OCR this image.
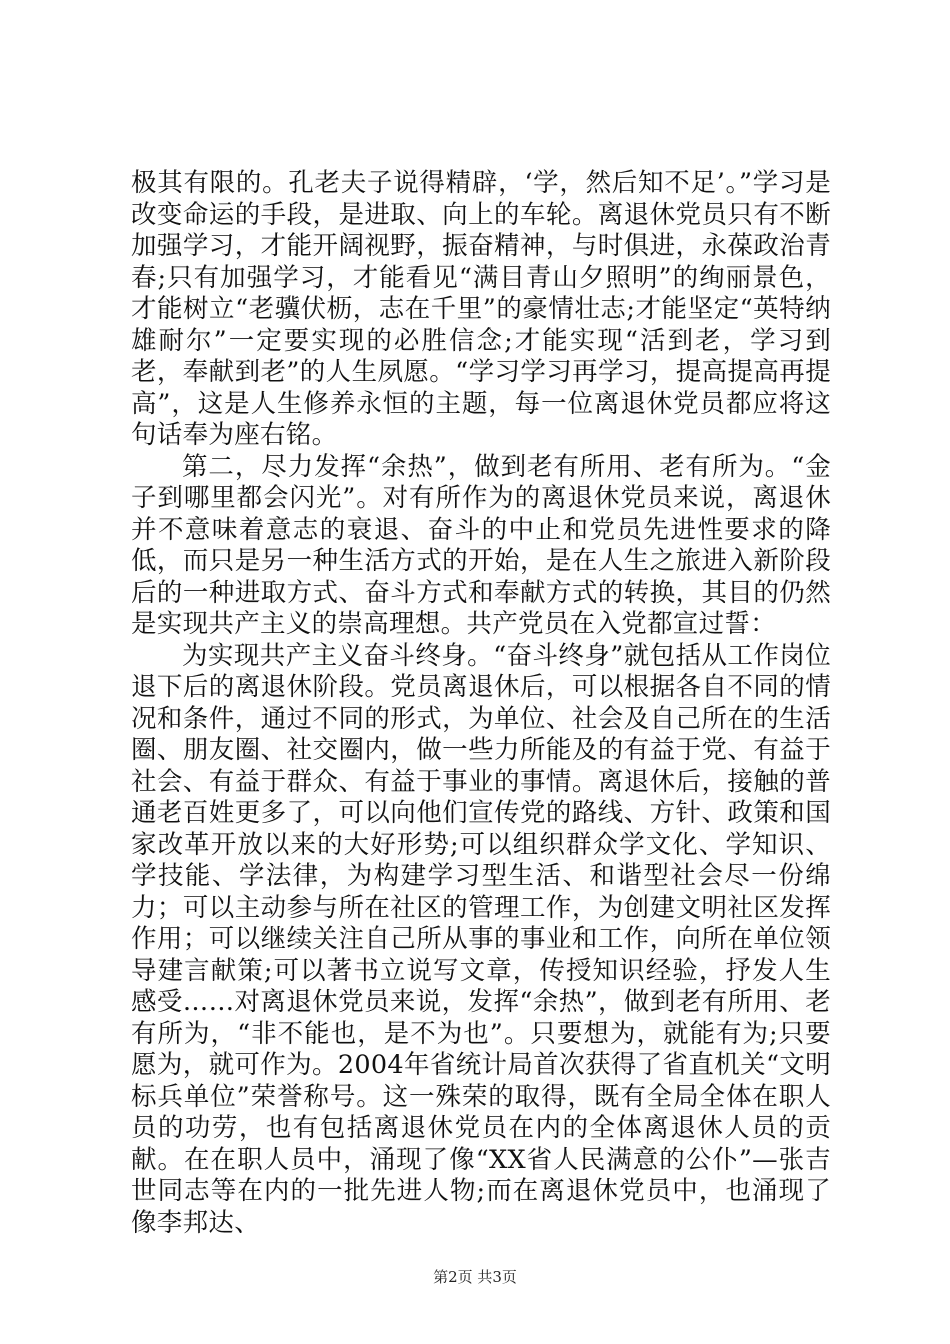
极其有限的。孔老夫子说得精辟，‘学，然后知不足’。”学习是改变命运的手段，是进取、向上的车轮。离退休党员只有不断加强学习，才能开阔视野，振奋精神，与时俱进，永葆政治青春;只有加强学习，才能看见“满目青山夕照明”的绚丽景色，才能树立“老骥伏枥，志在千里”的豪情壮志;才能坚定“英特纳雄耐尔”一定要实现的必胜信念;才能实现“活到老，学习到老，奉献到老”的人生夙愿。“学习学习再学习，提高提高再提高”，这是人生修养永恒的主题，每一位离退休党员都应将这句话奉为座右铭。

第二，尽力发挥“余热”，做到老有所用、老有所为。“金子到哪里都会闪光”。对有所作为的离退休党员来说，离退休并不意味着意志的衰退、奋斗的中止和党员先进性要求的降低，而只是另一种生活方式的开始，是在人生之旅进入新阶段后的一种进取方式、奋斗方式和奉献方式的转换，其目的仍然是实现共产主义的崇高理想。共产党员在入党都宣过誓：

为实现共产主义奋斗终身。“奋斗终身”就包括从工作岗位退下后的离退休阶段。党员离退休后，可以根据各自不同的情况和条件，通过不同的形式，为单位、社会及自己所在的生活圈、朋友圈、社交圈内，做一些力所能及的有益于党、有益于社会、有益于群众、有益于事业的事情。离退休后，接触的普通老百姓更多了，可以向他们宣传党的路线、方针、政策和国家改革开放以来的大好形势;可以组织群众学文化、学知识、学技能、学法律，为构建学习型生活、和谐型社会尽一份绵力；可以主动参与所在社区的管理工作，为创建文明社区发挥作用；可以继续关注自己所从事的事业和工作，向所在单位领导建言献策;可以著书立说写文章，传授知识经验，抒发人生感受……对离退休党员来说，发挥“余热”，做到老有所用、老有所为，“非不能也，是不为也”。只要想为，就能有为;只要愿为，就可作为。2004年省统计局首次获得了省直机关“文明标兵单位”荣誉称号。这一殊荣的取得，既有全局全体在职人员的功劳，也有包括离退休党员在内的全体离退休人员的贡献。在在职人员中，涌现了像“XX省人民满意的公仆”—张吉世同志等在内的一批先进人物;而在离退休党员中，也涌现了像李邦达、

第2页 共3页
